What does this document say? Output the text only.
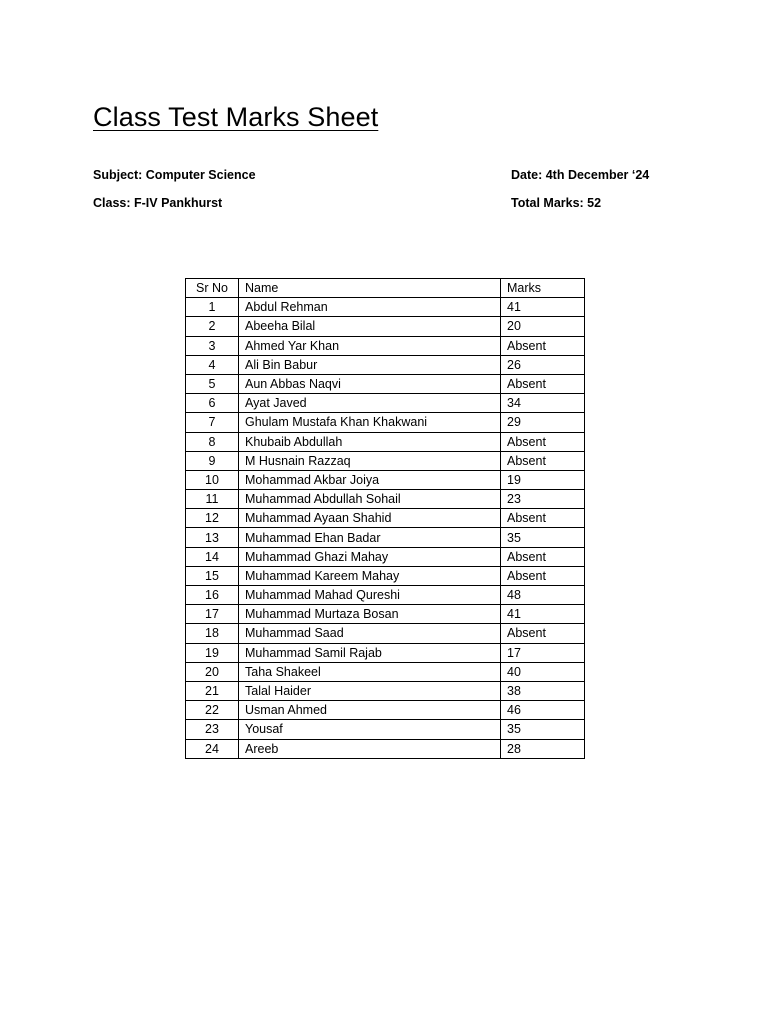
Class Test Marks Sheet
Subject: Computer Science
Class: F-IV Pankhurst
Date: 4th December ‘24
Total Marks: 52
Sr No	Name	Marks
1	Abdul Rehman	41
2	Abeeha Bilal	20
3	Ahmed Yar Khan	Absent
4	Ali Bin Babur	26
5	Aun Abbas Naqvi	Absent
6	Ayat Javed	34
7	Ghulam Mustafa Khan Khakwani	29
8	Khubaib Abdullah	Absent
9	M Husnain Razzaq	Absent
10	Mohammad Akbar Joiya	19
11	Muhammad Abdullah Sohail	23
12	Muhammad Ayaan Shahid	Absent
13	Muhammad Ehan Badar	35
14	Muhammad Ghazi Mahay	Absent
15	Muhammad Kareem Mahay	Absent
16	Muhammad Mahad Qureshi	48
17	Muhammad Murtaza Bosan	41
18	Muhammad Saad	Absent
19	Muhammad Samil Rajab	17
20	Taha Shakeel	40
21	Talal Haider	38
22	Usman Ahmed	46
23	Yousaf	35
24	Areeb	28
